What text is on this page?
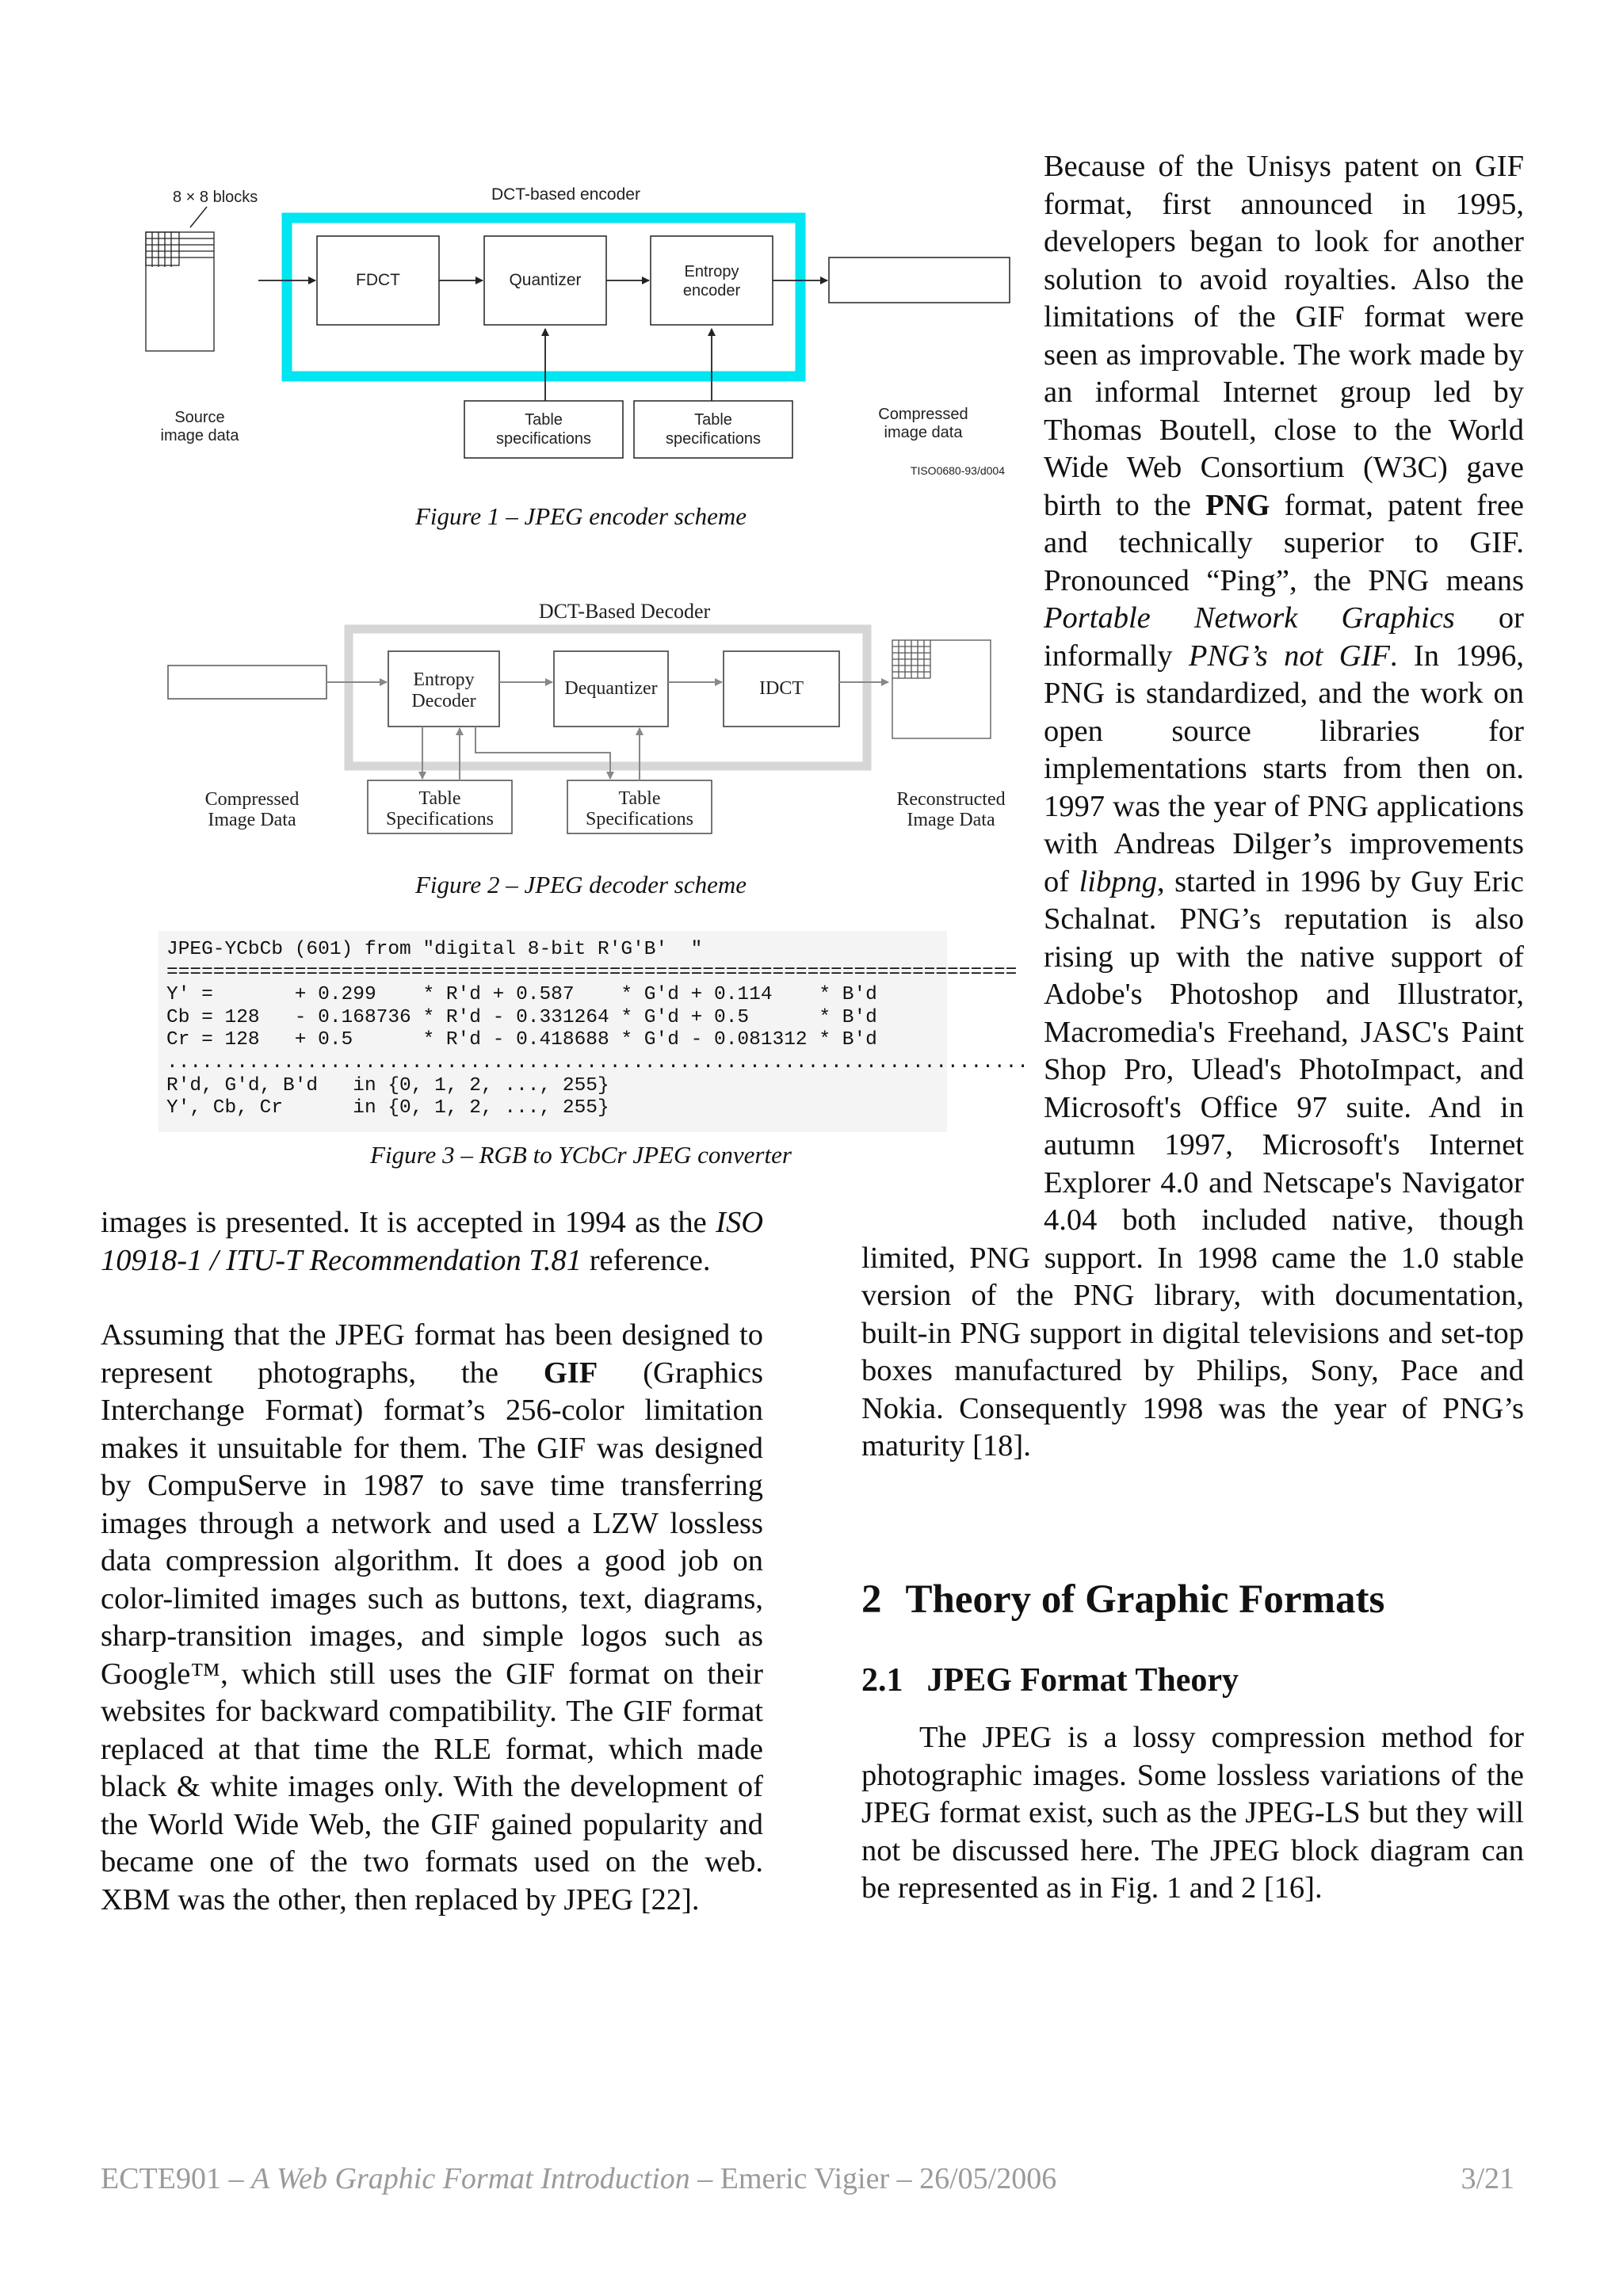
DCT-based encoder
8 × 8 blocks
FDCT	Quantizer	Entropy
encoder
Table
specifications
Table
specifications
Source
image data
Compressed
image data
TISO0680-93/d004
Figure 1 – JPEG encoder scheme
DCT-Based Decoder
Entropy
Decoder
Dequantizer	IDCT
Table
Specifications
Table
Specifications
Compressed
Image Data
Reconstructed
Image Data
Figure 2 – JPEG decoder scheme
JPEG-YCbCb (601) from "digital 8-bit R'G'B'  "
=========================================================================
Y' =       + 0.299    * R'd + 0.587    * G'd + 0.114    * B'd
Cb = 128   - 0.168736 * R'd - 0.331264 * G'd + 0.5      * B'd
Cr = 128   + 0.5      * R'd - 0.418688 * G'd - 0.081312 * B'd
..........................................................................
R'd, G'd, B'd   in {0, 1, 2, ..., 255}
Y', Cb, Cr      in {0, 1, 2, ..., 255}
Figure 3 – RGB to YCbCr JPEG converter

images is presented. It is accepted in 1994 as the ISO 10918-1 / ITU-T Recommendation T.81 reference.

Assuming that the JPEG format has been designed to represent photographs, the GIF (Graphics Interchange Format) format’s 256-color limitation makes it unsuitable for them. The GIF was designed by CompuServe in 1987 to save time transferring images through a network and used a LZW lossless data compression algorithm. It does a good job on color-limited images such as buttons, text, diagrams, sharp-transition images, and simple logos such as Google™, which still uses the GIF format on their websites for backward compatibility. The GIF format replaced at that time the RLE format, which made black & white images only. With the development of the World Wide Web, the GIF gained popularity and became one of the two formats used on the web. XBM was the other, then replaced by JPEG [22].

Because of the Unisys patent on GIF format, first announced in 1995, developers began to look for another solution to avoid royalties. Also the limitations of the GIF format were seen as improvable. The work made by an informal Internet group led by Thomas Boutell, close to the World Wide Web Consortium (W3C) gave birth to the PNG format, patent free and technically superior to GIF. Pronounced “Ping”, the PNG means Portable Network Graphics or informally PNG’s not GIF. In 1996, PNG is standardized, and the work on open source libraries for implementations starts from then on. 1997 was the year of PNG applications with Andreas Dilger’s improvements of libpng, started in 1996 by Guy Eric Schalnat. PNG’s reputation is also rising up with the native support of Adobe's Photoshop and Illustrator, Macromedia's Freehand, JASC's Paint Shop Pro, Ulead's PhotoImpact, and Microsoft's Office 97 suite. And in autumn 1997, Microsoft's Internet Explorer 4.0 and Netscape's Navigator 4.04 both included native, though limited, PNG support. In 1998 came the 1.0 stable version of the PNG library, with documentation, built-in PNG support in digital televisions and set-top boxes manufactured by Philips, Sony, Pace and Nokia. Consequently 1998 was the year of PNG’s maturity [18].

2 Theory of Graphic Formats
2.1 JPEG Format Theory

The JPEG is a lossy compression method for photographic images. Some lossless variations of the JPEG format exist, such as the JPEG-LS but they will not be discussed here. The JPEG block diagram can be represented as in Fig. 1 and 2 [16].

ECTE901 – A Web Graphic Format Introduction – Emeric Vigier – 26/05/2006	3/21
